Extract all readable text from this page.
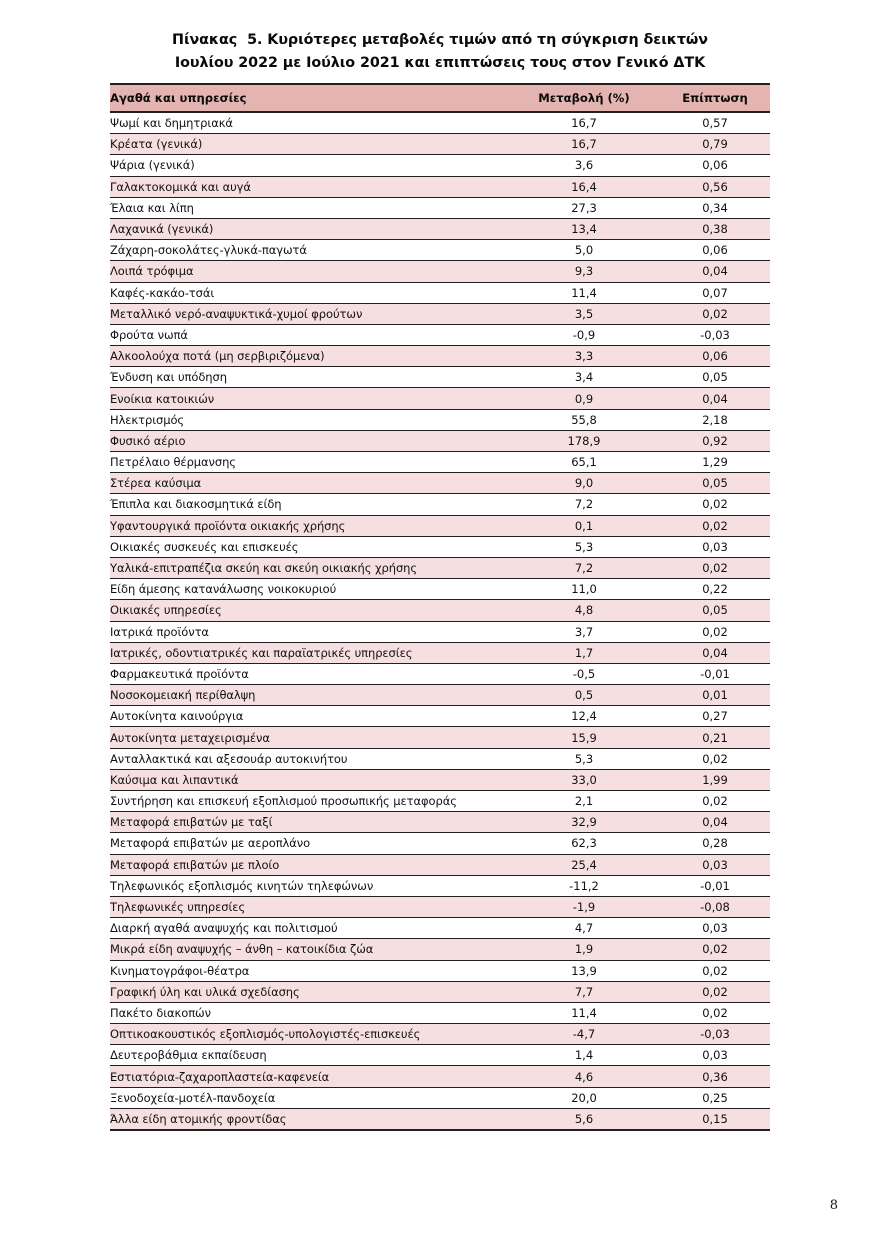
Πίνακας  5. Κυριότερες μεταβολές τιμών από τη σύγκριση δεικτών
Ιουλίου 2022 με Ιούλιο 2021 και επιπτώσεις τους στον Γενικό ΔΤΚ
Αγαθά και υπηρεσίες	Μεταβολή (%)	Επίπτωση
Ψωμί και δημητριακά	16,7	0,57
Κρέατα (γενικά)	16,7	0,79
Ψάρια (γενικά)	3,6	0,06
Γαλακτοκομικά και αυγά	16,4	0,56
Έλαια και λίπη	27,3	0,34
Λαχανικά (γενικά)	13,4	0,38
Ζάχαρη-σοκολάτες-γλυκά-παγωτά	5,0	0,06
Λοιπά τρόφιμα	9,3	0,04
Καφές-κακάο-τσάι	11,4	0,07
Μεταλλικό νερό-αναψυκτικά-χυμοί φρούτων	3,5	0,02
Φρούτα νωπά	-0,9	-0,03
Αλκοολούχα ποτά (μη σερβιριζόμενα)	3,3	0,06
Ένδυση και υπόδηση	3,4	0,05
Ενοίκια κατοικιών	0,9	0,04
Ηλεκτρισμός	55,8	2,18
Φυσικό αέριο	178,9	0,92
Πετρέλαιο θέρμανσης	65,1	1,29
Στέρεα καύσιμα	9,0	0,05
Έπιπλα και διακοσμητικά είδη	7,2	0,02
Υφαντουργικά προϊόντα οικιακής χρήσης	0,1	0,02
Οικιακές συσκευές και επισκευές	5,3	0,03
Υαλικά-επιτραπέζια σκεύη και σκεύη οικιακής χρήσης	7,2	0,02
Είδη άμεσης κατανάλωσης νοικοκυριού	11,0	0,22
Οικιακές υπηρεσίες	4,8	0,05
Ιατρικά προϊόντα	3,7	0,02
Ιατρικές, οδοντιατρικές και παραϊατρικές υπηρεσίες	1,7	0,04
Φαρμακευτικά προϊόντα	-0,5	-0,01
Νοσοκομειακή περίθαλψη	0,5	0,01
Αυτοκίνητα καινούργια	12,4	0,27
Αυτοκίνητα μεταχειρισμένα	15,9	0,21
Ανταλλακτικά και αξεσουάρ αυτοκινήτου	5,3	0,02
Καύσιμα και λιπαντικά	33,0	1,99
Συντήρηση και επισκευή εξοπλισμού προσωπικής μεταφοράς	2,1	0,02
Μεταφορά επιβατών με ταξί	32,9	0,04
Μεταφορά επιβατών με αεροπλάνο	62,3	0,28
Μεταφορά επιβατών με πλοίο	25,4	0,03
Τηλεφωνικός εξοπλισμός κινητών τηλεφώνων	-11,2	-0,01
Τηλεφωνικές υπηρεσίες	-1,9	-0,08
Διαρκή αγαθά αναψυχής και πολιτισμού	4,7	0,03
Μικρά είδη αναψυχής – άνθη – κατοικίδια ζώα	1,9	0,02
Κινηματογράφοι-θέατρα	13,9	0,02
Γραφική ύλη και υλικά σχεδίασης	7,7	0,02
Πακέτο διακοπών	11,4	0,02
Οπτικοακουστικός εξοπλισμός-υπολογιστές-επισκευές	-4,7	-0,03
Δευτεροβάθμια εκπαίδευση	1,4	0,03
Εστιατόρια-ζαχαροπλαστεία-καφενεία	4,6	0,36
Ξενοδοχεία-μοτέλ-πανδοχεία	20,0	0,25
Άλλα είδη ατομικής φροντίδας	5,6	0,15
8
